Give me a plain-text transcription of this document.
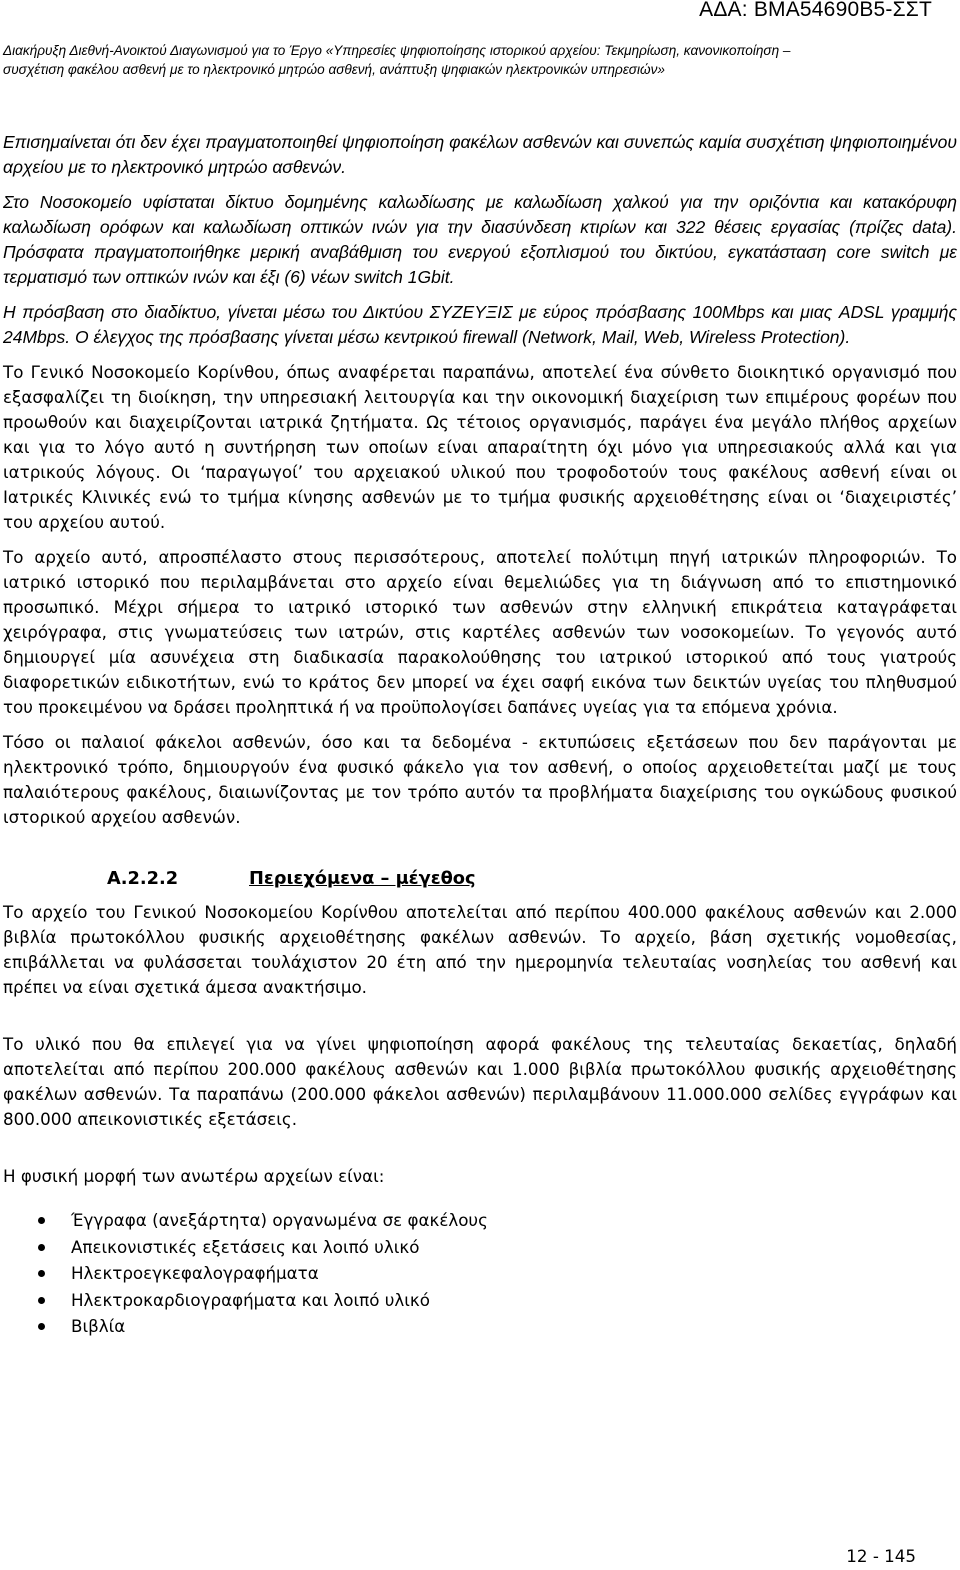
ΑΔΑ: ΒΜΑ54690Β5-ΣΣΤ
Διακήρυξη Διεθνή-Ανοικτού Διαγωνισμού για το Έργο «Υπηρεσίες ψηφιοποίησης ιστορικού αρχείου: Τεκμηρίωση, κανονικοποίηση –
συσχέτιση φακέλου ασθενή με το ηλεκτρονικό μητρώο ασθενή, ανάπτυξη ψηφιακών ηλεκτρονικών υπηρεσιών»

Επισημαίνεται ότι δεν έχει πραγματοποιηθεί ψηφιοποίηση φακέλων ασθενών και συνεπώς καμία συσχέτιση ψηφιοποιημένου αρχείου με το ηλεκτρονικό μητρώο ασθενών.

Στο Νοσοκομείο υφίσταται δίκτυο δομημένης καλωδίωσης με καλωδίωση χαλκού για την οριζόντια και κατακόρυφη καλωδίωση ορόφων και καλωδίωση οπτικών ινών για την διασύνδεση κτιρίων και 322 θέσεις εργασίας (πρίζες data). Πρόσφατα πραγματοποιήθηκε μερική αναβάθμιση του ενεργού εξοπλισμού του δικτύου, εγκατάσταση core switch με τερματισμό των οπτικών ινών και έξι (6) νέων switch 1Gbit.

Η πρόσβαση στο διαδίκτυο, γίνεται μέσω του Δικτύου ΣΥΖΕΥΞΙΣ με εύρος πρόσβασης 100Mbps και μιας ADSL γραμμής 24Mbps. Ο έλεγχος της πρόσβασης γίνεται μέσω κεντρικού firewall (Network, Mail, Web, Wireless Protection).

Το Γενικό Νοσοκομείο Κορίνθου, όπως αναφέρεται παραπάνω, αποτελεί ένα σύνθετο διοικητικό οργανισμό που εξασφαλίζει τη διοίκηση, την υπηρεσιακή λειτουργία και την οικονομική διαχείριση των επιμέρους φορέων που προωθούν και διαχειρίζονται ιατρικά ζητήματα. Ως τέτοιος οργανισμός, παράγει ένα μεγάλο πλήθος αρχείων και για το λόγο αυτό η συντήρηση των οποίων είναι απαραίτητη όχι μόνο για υπηρεσιακούς αλλά και για ιατρικούς λόγους. Οι ‘παραγωγοί’ του αρχειακού υλικού που τροφοδοτούν τους φακέλους ασθενή είναι οι Ιατρικές Κλινικές ενώ το τμήμα κίνησης ασθενών με το τμήμα φυσικής αρχειοθέτησης είναι οι ‘διαχειριστές’ του αρχείου αυτού.

Το αρχείο αυτό, απροσπέλαστο στους περισσότερους, αποτελεί πολύτιμη πηγή ιατρικών πληροφοριών. Το ιατρικό ιστορικό που περιλαμβάνεται στο αρχείο είναι θεμελιώδες για τη διάγνωση από το επιστημονικό προσωπικό. Μέχρι σήμερα το ιατρικό ιστορικό των ασθενών στην ελληνική επικράτεια καταγράφεται χειρόγραφα, στις γνωματεύσεις των ιατρών, στις καρτέλες ασθενών των νοσοκομείων. Το γεγονός αυτό δημιουργεί μία ασυνέχεια στη διαδικασία παρακολούθησης του ιατρικού ιστορικού από τους γιατρούς διαφορετικών ειδικοτήτων, ενώ το κράτος δεν μπορεί να έχει σαφή εικόνα των δεικτών υγείας του πληθυσμού του προκειμένου να δράσει προληπτικά ή να προϋπολογίσει δαπάνες υγείας για τα επόμενα χρόνια.

Τόσο οι παλαιοί φάκελοι ασθενών, όσο και τα δεδομένα - εκτυπώσεις εξετάσεων που δεν παράγονται με ηλεκτρονικό τρόπο, δημιουργούν ένα φυσικό φάκελο για τον ασθενή, ο οποίος αρχειοθετείται μαζί με τους παλαιότερους φακέλους, διαιωνίζοντας με τον τρόπο αυτόν τα προβλήματα διαχείρισης του ογκώδους φυσικού ιστορικού αρχείου ασθενών.

Α.2.2.2	Περιεχόμενα – μέγεθος

Το αρχείο του Γενικού Νοσοκομείου Κορίνθου αποτελείται από περίπου 400.000 φακέλους ασθενών και 2.000 βιβλία πρωτοκόλλου φυσικής αρχειοθέτησης φακέλων ασθενών. Το αρχείο, βάση σχετικής νομοθεσίας, επιβάλλεται να φυλάσσεται τουλάχιστον 20 έτη από την ημερομηνία τελευταίας νοσηλείας του ασθενή και πρέπει να είναι σχετικά άμεσα ανακτήσιμο.

Το υλικό που θα επιλεγεί για να γίνει ψηφιοποίηση αφορά φακέλους της τελευταίας δεκαετίας, δηλαδή αποτελείται από περίπου 200.000 φακέλους ασθενών και 1.000 βιβλία πρωτοκόλλου φυσικής αρχειοθέτησης φακέλων ασθενών. Τα παραπάνω (200.000 φάκελοι ασθενών) περιλαμβάνουν 11.000.000 σελίδες εγγράφων και 800.000 απεικονιστικές εξετάσεις.

Η φυσική μορφή των ανωτέρω αρχείων είναι:

Έγγραφα (ανεξάρτητα) οργανωμένα σε φακέλους
Απεικονιστικές εξετάσεις και λοιπό υλικό
Ηλεκτροεγκεφαλογραφήματα
Ηλεκτροκαρδιογραφήματα και λοιπό υλικό
Βιβλία
12 - 145
